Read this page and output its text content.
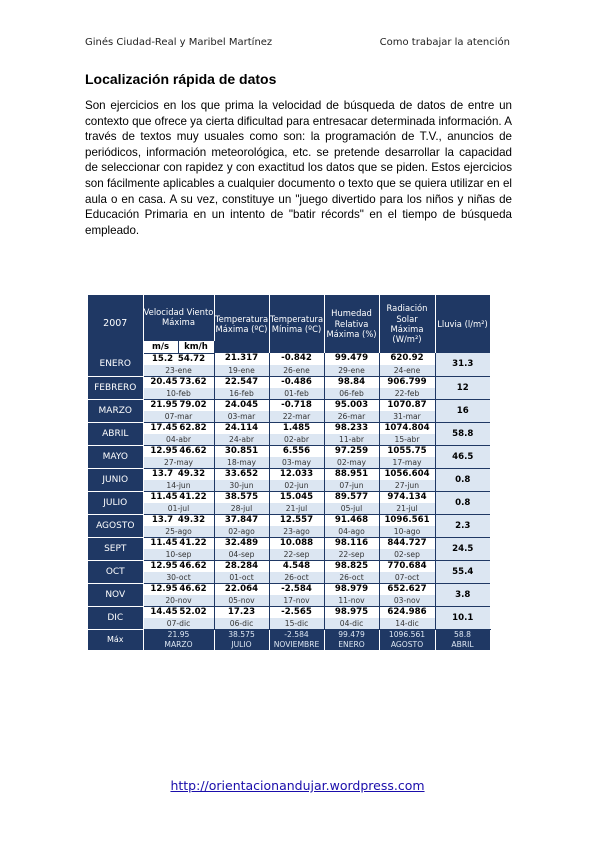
Ginés Ciudad-Real y Maribel Martínez	Como trabajar la atención
Localización rápida de datos
Son ejercicios en los que prima la velocidad de búsqueda de datos de entre un contexto que ofrece ya cierta dificultad para entresacar determinada información. A través de textos muy usuales como son: la programación de T.V., anuncios de periódicos, información meteorológica, etc. se pretende desarrollar la capacidad de seleccionar con rapidez y con exactitud los datos que se piden. Estos ejercicios son fácilmente aplicables a cualquier documento o texto que se quiera utilizar en el aula o en casa. A su vez, constituye un "juego divertido para los niños y niñas de Educación Primaria en un intento de "batir récords" en el tiempo de búsqueda empleado.
2007	Velocidad Viento Máxima		Temperatura Máxima (ºC)	Temperatura Mínima (ºC)	Humedad Relativa Máxima (%)	Radiación Solar Máxima (W/m²)	Lluvia (l/m²)
	m/s	km/h					
ENERO	15.2 54.72		21.317	-0.842	99.479	620.92	31.3
	23-ene		19-ene	26-ene	29-ene	24-ene	
FEBRERO	20.45 73.62		22.547	-0.486	98.84	906.799	12
	10-feb		16-feb	01-feb	06-feb	22-feb	
MARZO	21.95 79.02		24.045	-0.718	95.003	1070.87	16
	07-mar		03-mar	22-mar	26-mar	31-mar	
ABRIL	17.45 62.82		24.114	1.485	98.233	1074.804	58.8
	04-abr		24-abr	02-abr	11-abr	15-abr	
MAYO	12.95 46.62		30.851	6.556	97.259	1055.75	46.5
	27-may		18-may	03-may	02-may	17-may	
JUNIO	13.7 49.32		33.652	12.033	88.951	1056.604	0.8
	14-jun		30-jun	02-jun	07-jun	27-jun	
JULIO	11.45 41.22		38.575	15.045	89.577	974.134	0.8
	01-jul		28-jul	21-jul	05-jul	21-jul	
AGOSTO	13.7 49.32		37.847	12.557	91.468	1096.561	2.3
	25-ago		02-ago	23-ago	04-ago	10-ago	
SEPT	11.45 41.22		32.489	10.088	98.116	844.727	24.5
	10-sep		04-sep	22-sep	22-sep	02-sep	
OCT	12.95 46.62		28.284	4.548	98.825	770.684	55.4
	30-oct		01-oct	26-oct	26-oct	07-oct	
NOV	12.95 46.62		22.064	-2.584	98.979	652.627	3.8
	20-nov		05-nov	17-nov	11-nov	03-nov	
DIC	14.45 52.02		17.23	-2.565	98.975	624.986	10.1
	07-dic		06-dic	15-dic	04-dic	14-dic	
Máx	21.95		38.575	-2.584	99.479	1096.561	58.8
	MARZO		JULIO	NOVIEMBRE	ENERO	AGOSTO	ABRIL
http://orientacionandujar.wordpress.com
